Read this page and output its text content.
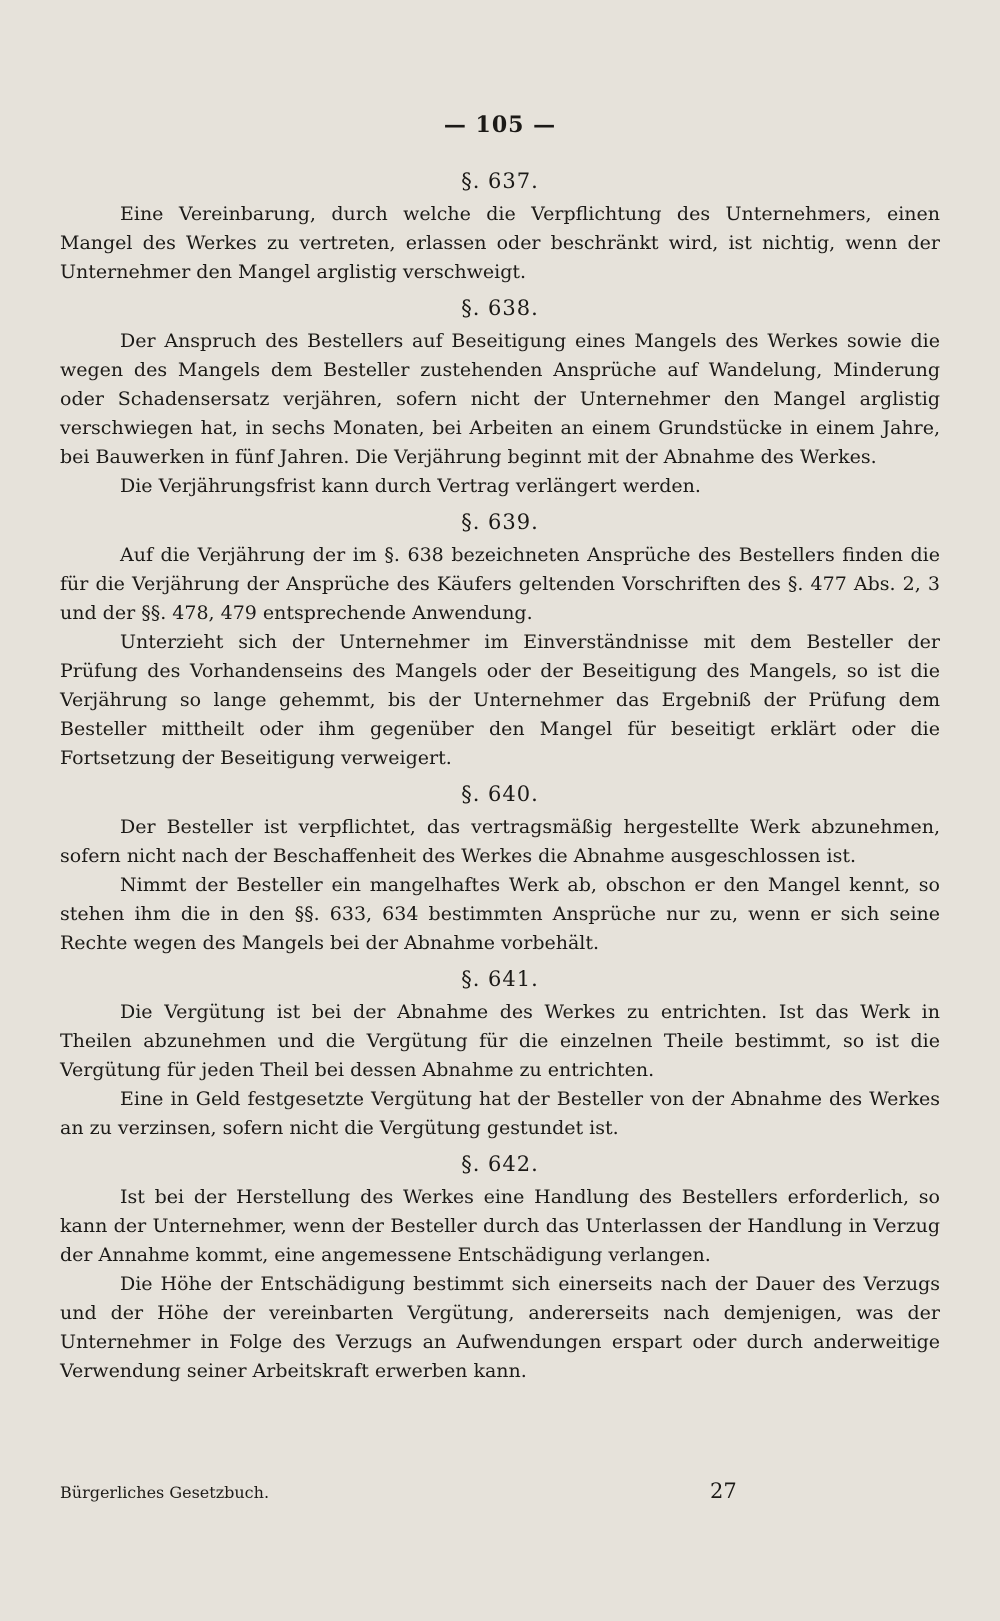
— 105 —
§. 637.

Eine Vereinbarung, durch welche die Verpflichtung des Unternehmers, einen Mangel des Werkes zu vertreten, erlassen oder beschränkt wird, ist nichtig, wenn der Unternehmer den Mangel arglistig verschweigt.

§. 638.

Der Anspruch des Bestellers auf Beseitigung eines Mangels des Werkes sowie die wegen des Mangels dem Besteller zustehenden Ansprüche auf Wandelung, Minderung oder Schadensersatz verjähren, sofern nicht der Unternehmer den Mangel arglistig verschwiegen hat, in sechs Monaten, bei Arbeiten an einem Grundstücke in einem Jahre, bei Bauwerken in fünf Jahren. Die Verjährung beginnt mit der Abnahme des Werkes.

Die Verjährungsfrist kann durch Vertrag verlängert werden.

§. 639.

Auf die Verjährung der im §. 638 bezeichneten Ansprüche des Bestellers finden die für die Verjährung der Ansprüche des Käufers geltenden Vorschriften des §. 477 Abs. 2, 3 und der §§. 478, 479 entsprechende Anwendung.

Unterzieht sich der Unternehmer im Einverständnisse mit dem Besteller der Prüfung des Vorhandenseins des Mangels oder der Beseitigung des Mangels, so ist die Verjährung so lange gehemmt, bis der Unternehmer das Ergebniß der Prüfung dem Besteller mittheilt oder ihm gegenüber den Mangel für beseitigt erklärt oder die Fortsetzung der Beseitigung verweigert.

§. 640.

Der Besteller ist verpflichtet, das vertragsmäßig hergestellte Werk abzunehmen, sofern nicht nach der Beschaffenheit des Werkes die Abnahme ausgeschlossen ist.

Nimmt der Besteller ein mangelhaftes Werk ab, obschon er den Mangel kennt, so stehen ihm die in den §§. 633, 634 bestimmten Ansprüche nur zu, wenn er sich seine Rechte wegen des Mangels bei der Abnahme vorbehält.

§. 641.

Die Vergütung ist bei der Abnahme des Werkes zu entrichten. Ist das Werk in Theilen abzunehmen und die Vergütung für die einzelnen Theile bestimmt, so ist die Vergütung für jeden Theil bei dessen Abnahme zu entrichten.

Eine in Geld festgesetzte Vergütung hat der Besteller von der Abnahme des Werkes an zu verzinsen, sofern nicht die Vergütung gestundet ist.

§. 642.

Ist bei der Herstellung des Werkes eine Handlung des Bestellers erforderlich, so kann der Unternehmer, wenn der Besteller durch das Unterlassen der Handlung in Verzug der Annahme kommt, eine angemessene Entschädigung verlangen.

Die Höhe der Entschädigung bestimmt sich einerseits nach der Dauer des Verzugs und der Höhe der vereinbarten Vergütung, andererseits nach demjenigen, was der Unternehmer in Folge des Verzugs an Aufwendungen erspart oder durch anderweitige Verwendung seiner Arbeitskraft erwerben kann.

Bürgerliches Gesetzbuch.	27
